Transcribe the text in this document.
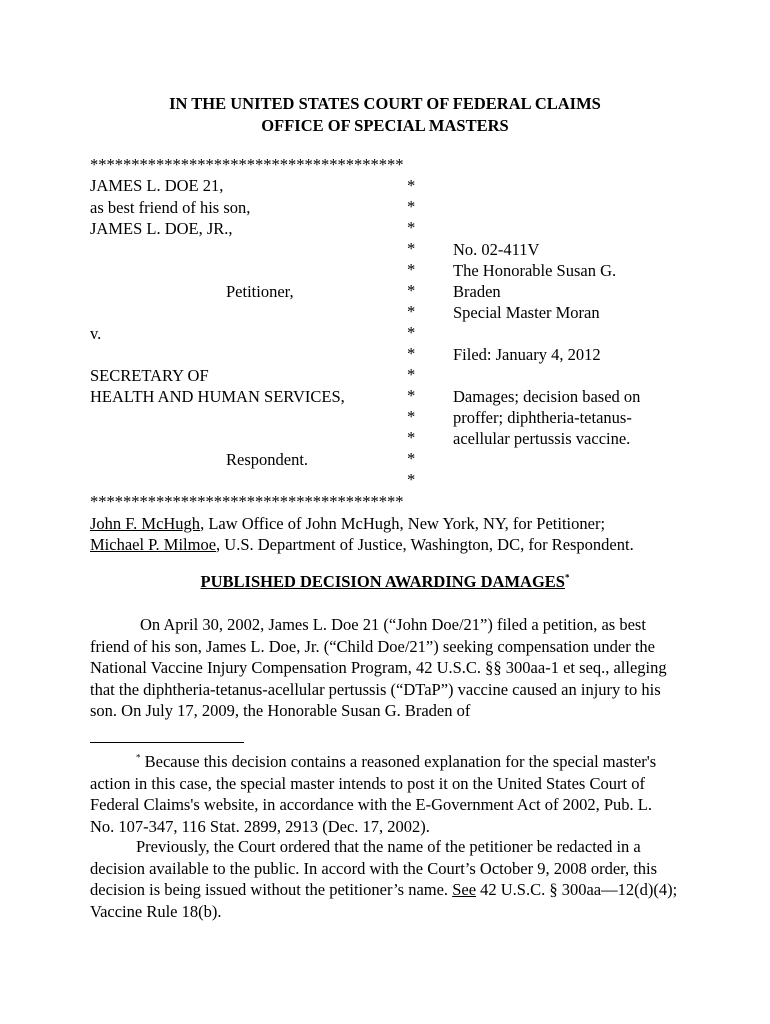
IN THE UNITED STATES COURT OF FEDERAL CLAIMS
OFFICE OF SPECIAL MASTERS
**************************************
JAMES L. DOE 21,
as best friend of his son,
JAMES L. DOE, JR.,
Petitioner,
v.
SECRETARY OF
HEALTH AND HUMAN SERVICES,
Respondent.
*
*
*
*
*
*
*
*
*
*
*
*
*
*
*
No. 02-411V
The Honorable Susan G.
Braden
Special Master Moran
Filed: January 4, 2012
Damages; decision based on
proffer; diphtheria-tetanus-
acellular pertussis vaccine.
**************************************
John F. McHugh, Law Office of John McHugh, New York, NY, for Petitioner;
Michael P. Milmoe, U.S. Department of Justice, Washington, DC, for Respondent.
PUBLISHED DECISION AWARDING DAMAGES*
On April 30, 2002, James L. Doe 21 (“John Doe/21”) filed a petition, as best friend of his son, James L. Doe, Jr. (“Child Doe/21”) seeking compensation under the National Vaccine Injury Compensation Program, 42 U.S.C. §§ 300aa-1 et seq., alleging that the diphtheria-tetanus-acellular pertussis (“DTaP”) vaccine caused an injury to his son. On July 17, 2009, the Honorable Susan G. Braden of
* Because this decision contains a reasoned explanation for the special master's action in this case, the special master intends to post it on the United States Court of Federal Claims's website, in accordance with the E-Government Act of 2002, Pub. L. No. 107-347, 116 Stat. 2899, 2913 (Dec. 17, 2002).
Previously, the Court ordered that the name of the petitioner be redacted in a decision available to the public. In accord with the Court’s October 9, 2008 order, this decision is being issued without the petitioner’s name. See 42 U.S.C. § 300aa—12(d)(4); Vaccine Rule 18(b).
